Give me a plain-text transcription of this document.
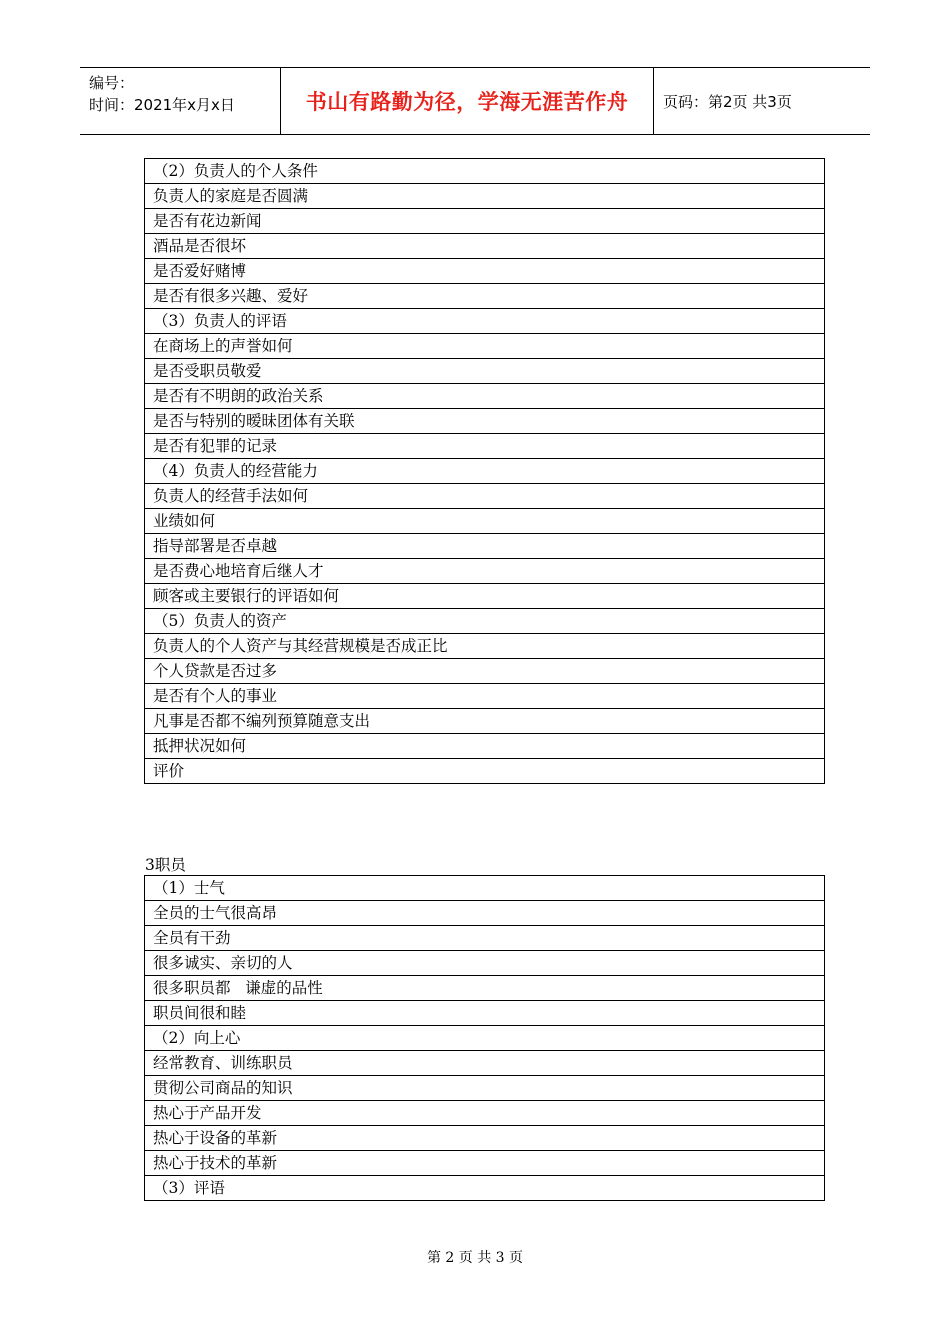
编号：
时间：2021年x月x日	书山有路勤为径，学海无涯苦作舟 页码：第2页 共3页
（2）负责人的个人条件
负责人的家庭是否圆满
是否有花边新闻
酒品是否很坏
是否爱好赌博
是否有很多兴趣、爱好
（3）负责人的评语
在商场上的声誉如何
是否受职员敬爱
是否有不明朗的政治关系
是否与特别的暧昧团体有关联
是否有犯罪的记录
（4）负责人的经营能力
负责人的经营手法如何
业绩如何
指导部署是否卓越
是否费心地培育后继人才
顾客或主要银行的评语如何
（5）负责人的资产
负责人的个人资产与其经营规模是否成正比
个人贷款是否过多
是否有个人的事业
凡事是否都不编列预算随意支出
抵押状况如何
评价
3职员
（1）士气
全员的士气很高昂
全员有干劲
很多诚实、亲切的人
很多职员都   谦虚的品性
职员间很和睦
（2）向上心
经常教育、训练职员
贯彻公司商品的知识
热心于产品开发
热心于设备的革新
热心于技术的革新
（3）评语
第 2 页 共 3 页
